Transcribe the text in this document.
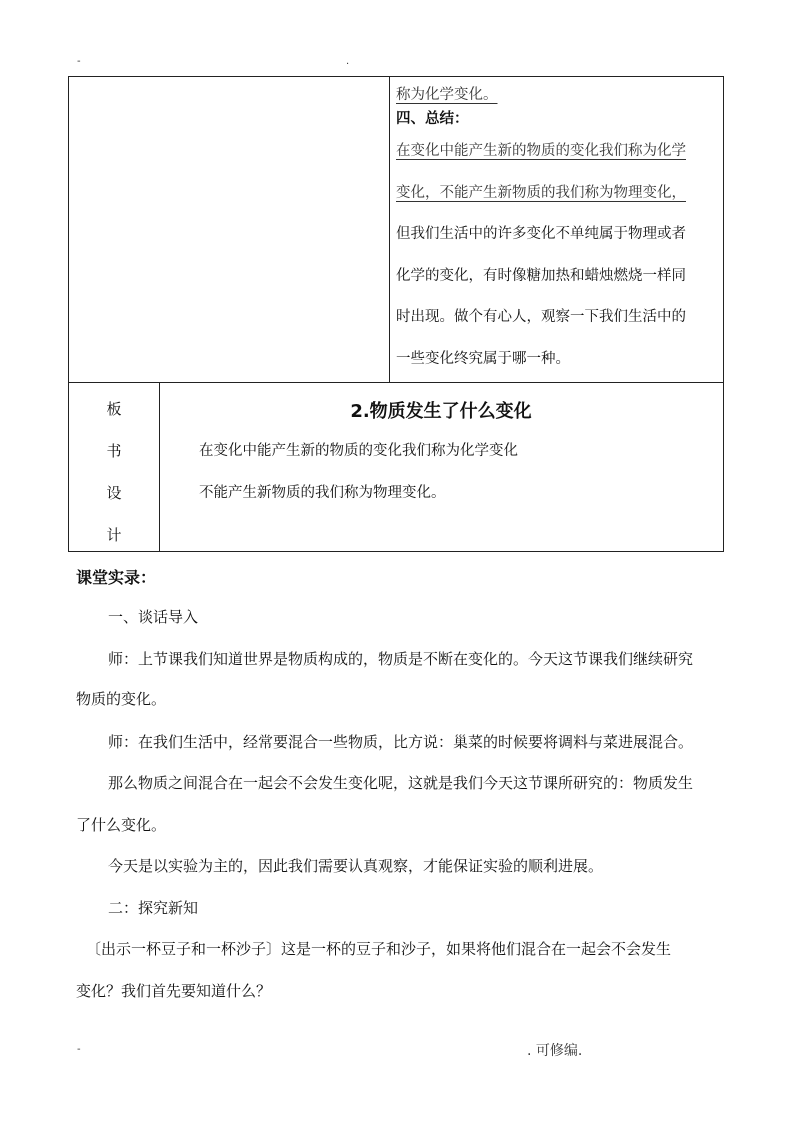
-	.
称为化学变化。
四、总结：
在变化中能产生新的物质的变化我们称为化学
变化，不能产生新物质的我们称为物理变化，
但我们生活中的许多变化不单纯属于物理或者
化学的变化，有时像糖加热和蜡烛燃烧一样同
时出现。做个有心人，观察一下我们生活中的
一些变化终究属于哪一种。
板
书
设
计
2.物质发生了什么变化
在变化中能产生新的物质的变化我们称为化学变化
不能产生新物质的我们称为物理变化。
课堂实录：
一、谈话导入
师：上节课我们知道世界是物质构成的，物质是不断在变化的。今天这节课我们继续研究
物质的变化。
师：在我们生活中，经常要混合一些物质，比方说：巢菜的时候要将调料与菜进展混合。
那么物质之间混合在一起会不会发生变化呢，这就是我们今天这节课所研究的：物质发生
了什么变化。
今天是以实验为主的，因此我们需要认真观察，才能保证实验的顺利进展。
二：探究新知
〔出示一杯豆子和一杯沙子〕这是一杯的豆子和沙子，如果将他们混合在一起会不会发生
变化？我们首先要知道什么？
-	. 可修编.
